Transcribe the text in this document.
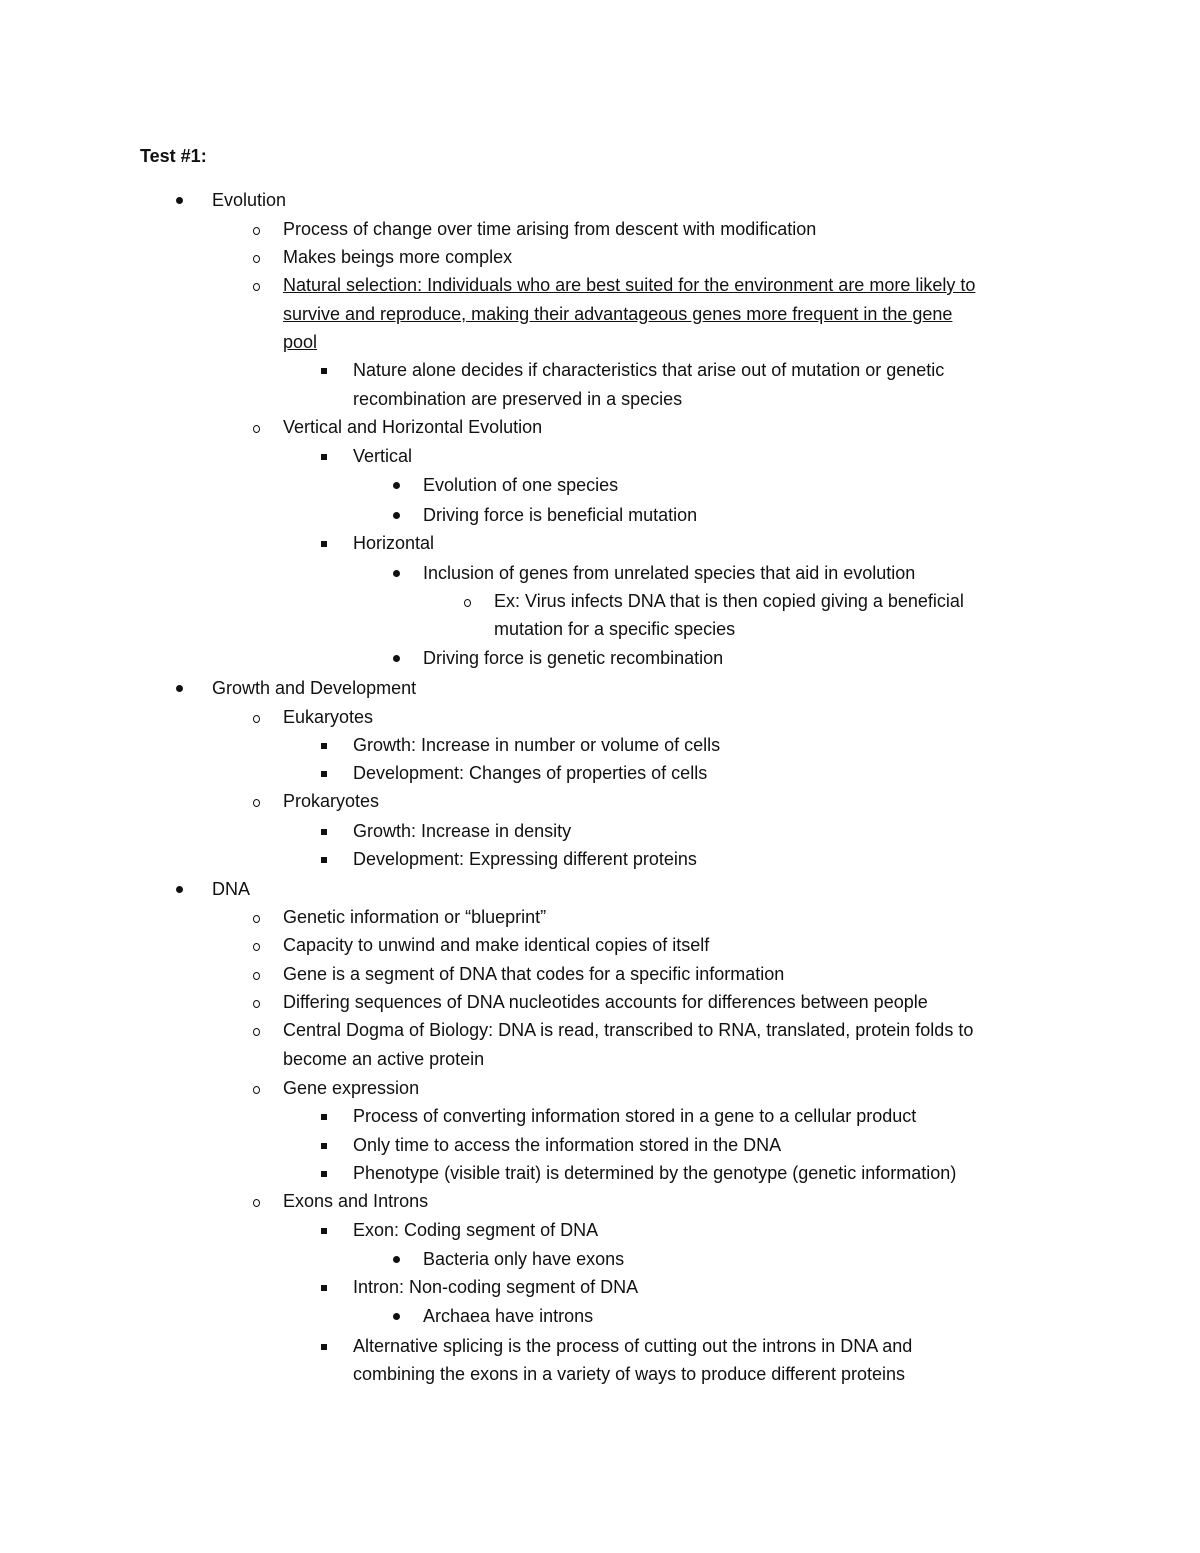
Test #1:
Evolution
Process of change over time arising from descent with modification
Makes beings more complex
Natural selection: Individuals who are best suited for the environment are more likely to
survive and reproduce, making their advantageous genes more frequent in the gene
pool
Nature alone decides if characteristics that arise out of mutation or genetic
recombination are preserved in a species
Vertical and Horizontal Evolution
Vertical
Evolution of one species
Driving force is beneficial mutation
Horizontal
Inclusion of genes from unrelated species that aid in evolution
Ex: Virus infects DNA that is then copied giving a beneficial
mutation for a specific species
Driving force is genetic recombination
Growth and Development
Eukaryotes
Growth: Increase in number or volume of cells
Development: Changes of properties of cells
Prokaryotes
Growth: Increase in density
Development: Expressing different proteins
DNA
Genetic information or “blueprint”
Capacity to unwind and make identical copies of itself
Gene is a segment of DNA that codes for a specific information
Differing sequences of DNA nucleotides accounts for differences between people
Central Dogma of Biology: DNA is read, transcribed to RNA, translated, protein folds to
become an active protein
Gene expression
Process of converting information stored in a gene to a cellular product
Only time to access the information stored in the DNA
Phenotype (visible trait) is determined by the genotype (genetic information)
Exons and Introns
Exon: Coding segment of DNA
Bacteria only have exons
Intron: Non-coding segment of DNA
Archaea have introns
Alternative splicing is the process of cutting out the introns in DNA and
combining the exons in a variety of ways to produce different proteins
